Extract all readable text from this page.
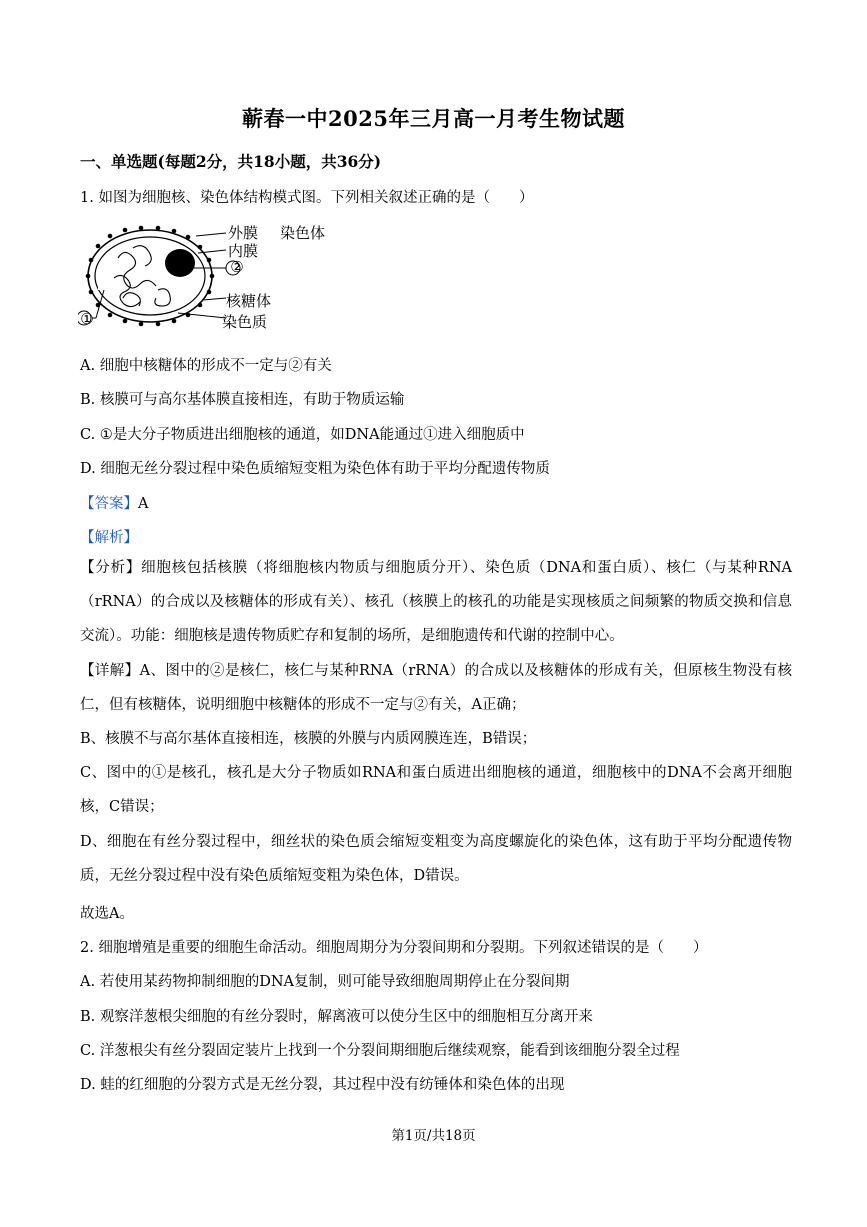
蕲春一中2025年三月高一月考生物试题
一、单选题(每题2分，共18小题，共36分)
1. 如图为细胞核、染色体结构模式图。下列相关叙述正确的是（　　）
外膜
内膜
②
核糖体
染色质
①
染色体
A. 细胞中核糖体的形成不一定与②有关
B. 核膜可与高尔基体膜直接相连，有助于物质运输
C. ①是大分子物质进出细胞核的通道，如DNA能通过①进入细胞质中
D. 细胞无丝分裂过程中染色质缩短变粗为染色体有助于平均分配遗传物质
【答案】A
【解析】
【分析】细胞核包括核膜（将细胞核内物质与细胞质分开）、染色质（DNA和蛋白质）、核仁（与某种RNA（rRNA）的合成以及核糖体的形成有关）、核孔（核膜上的核孔的功能是实现核质之间频繁的物质交换和信息交流）。功能：细胞核是遗传物质贮存和复制的场所，是细胞遗传和代谢的控制中心。
【详解】A、图中的②是核仁，核仁与某种RNA（rRNA）的合成以及核糖体的形成有关，但原核生物没有核仁，但有核糖体，说明细胞中核糖体的形成不一定与②有关，A正确；
B、核膜不与高尔基体直接相连，核膜的外膜与内质网膜连连，B错误；
C、图中的①是核孔，核孔是大分子物质如RNA和蛋白质进出细胞核的通道，细胞核中的DNA不会离开细胞核，C错误；
D、细胞在有丝分裂过程中，细丝状的染色质会缩短变粗变为高度螺旋化的染色体，这有助于平均分配遗传物质，无丝分裂过程中没有染色质缩短变粗为染色体，D错误。
故选A。
2. 细胞增殖是重要的细胞生命活动。细胞周期分为分裂间期和分裂期。下列叙述错误的是（　　）
A. 若使用某药物抑制细胞的DNA复制，则可能导致细胞周期停止在分裂间期
B. 观察洋葱根尖细胞的有丝分裂时，解离液可以使分生区中的细胞相互分离开来
C. 洋葱根尖有丝分裂固定装片上找到一个分裂间期细胞后继续观察，能看到该细胞分裂全过程
D. 蛙的红细胞的分裂方式是无丝分裂，其过程中没有纺锤体和染色体的出现
第1页/共18页
